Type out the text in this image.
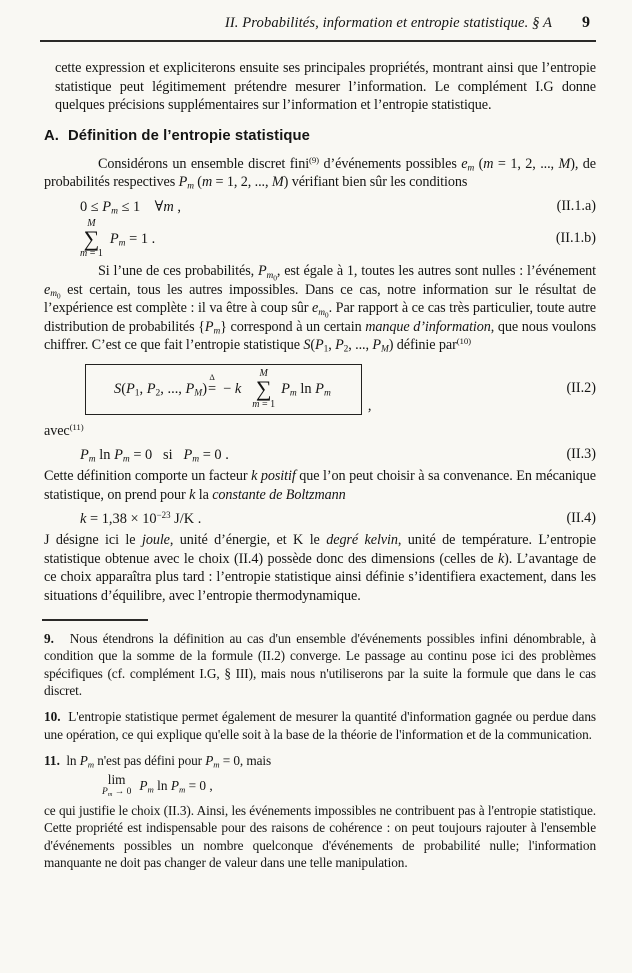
II. Probabilités, information et entropie statistique. § A 9

cette expression et expliciterons ensuite ses principales propriétés, montrant ainsi que l’entropie statistique peut légitimement prétendre mesurer l’information. Le complément I.G donne quelques précisions supplémentaires sur l’information et l’entropie statistique.

A. Définition de l’entropie statistique

Considérons un ensemble discret fini$^{(9)}$ d’événements possibles $e_m$ (m = 1, 2, ..., M), de probabilités respectives $P_m$ (m = 1, 2, ..., M) vérifiant bien sûr les conditions

$0 \le P_m \le 1$    ∀m ,	(II.1.a)
M
∑
m = 1
$P_m = 1$ .	(II.1.b)

Si l’une de ces probabilités, $P_{m_0}$, est égale à 1, toutes les autres sont nulles : l’événement $e_{m_0}$ est certain, tous les autres impossibles. Dans ce cas, notre information sur le résultat de l’expérience est complète : il va être à coup sûr $e_{m_0}$. Par rapport à ce cas très particulier, toute autre distribution de probabilités $\{P_m\}$ correspond à un certain manque d’information, que nous voulons chiffrer. C’est ce que fait l’entropie statistique $S(P_1$, $P_2$, ..., $P_M$) définie par$^{(10)}$

$S(P_1$, $P_2$, ..., $P_M$)
Δ
= − k
M
∑
m = 1
$P_m$ $\ln P_m$
,
(II.2)

avec$^{(11)}$

$P_m$ $\ln P_m = 0$   si   $P_m = 0$ .	(II.3)

Cette définition comporte un facteur k positif que l’on peut choisir à sa convenance. En mécanique statistique, on prend pour k la constante de Boltzmann

$k = 1,38 \times 10^{-23}$ J/K .	(II.4)

J désigne ici le joule, unité d’énergie, et K le degré kelvin, unité de température. L’entropie statistique obtenue avec le choix (II.4) possède donc des dimensions (celles de k). L’avantage de ce choix apparaîtra plus tard : l’entropie statistique ainsi définie s’identifiera exactement, dans les situations d’équilibre, avec l’entropie thermodynamique.

9.   Nous étendrons la définition au cas d'un ensemble d'événements possibles infini dénombrable, à condition que la somme de la formule (II.2) converge. Le passage au continu pose ici des problèmes spécifiques (cf. complément I.G, § III), mais nous n'utiliserons par la suite la formule que dans le cas discret.

10.  L'entropie statistique permet également de mesurer la quantité d'information gagnée ou perdue dans une opération, ce qui explique qu'elle soit à la base de la théorie de l'information et de la communication.

11.  $\ln P_m$ n'est pas défini pour $P_m = 0$, mais

lim
$P_m \to 0$ $P_m$ $\ln P_m = 0$ ,

ce qui justifie le choix (II.3). Ainsi, les événements impossibles ne contribuent pas à l'entropie statistique. Cette propriété est indispensable pour des raisons de cohérence : on peut toujours rajouter à l'ensemble d'événements possibles un nombre quelconque d'événements de probabilité nulle; l'information manquante ne doit pas changer de valeur dans une telle manipulation.
